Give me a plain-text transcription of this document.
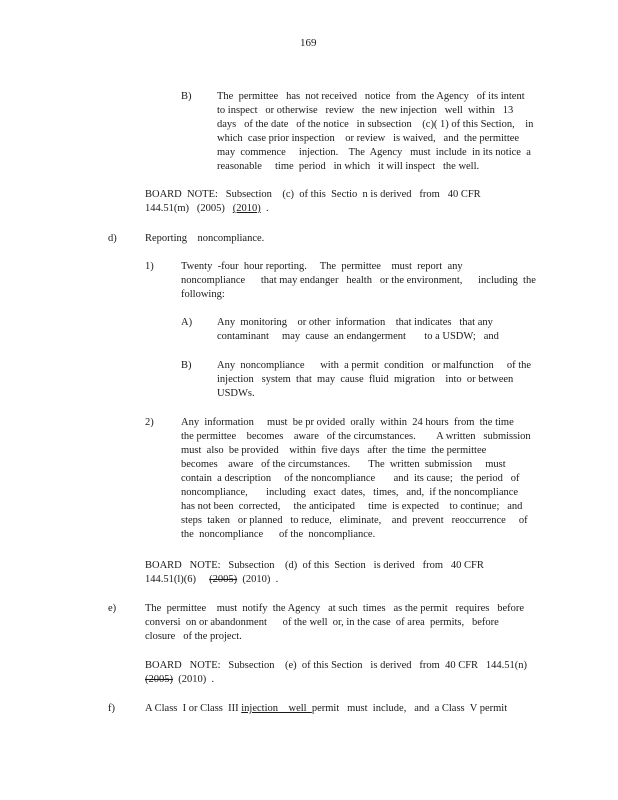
169
B) The  permittee   has  not received   notice  from  the Agency   of its intent
to inspect   or otherwise   review   the  new injection   well  within   13
days   of the date   of the notice   in subsection    (c)( 1) of this Section,    in
which  case prior inspection    or review   is waived,   and  the permittee
may  commence     injection.    The  Agency   must  include  in its notice  a
reasonable     time  period   in which   it will inspect   the well.
BOARD  NOTE:   Subsection    (c)  of this  Sectio  n is derived   from   40 CFR
144.51(m)   (2005)   (2010)  .
d)	Reporting    noncompliance.
1)	Twenty  -four  hour reporting.     The  permittee    must  report  any
noncompliance      that may endanger   health   or the environment,      including  the
following:
A) Any  monitoring    or other  information    that indicates   that any
contaminant     may  cause  an endangerment       to a USDW;   and
B) Any  noncompliance      with  a permit  condition   or malfunction     of the
injection   system  that  may  cause  fluid  migration    into  or between
USDWs.
2)	Any  information     must  be pr ovided  orally  within  24 hours  from  the time
the permittee    becomes    aware   of the circumstances.        A written   submission
must  also  be provided    within  five days   after  the time  the permittee
becomes    aware   of the circumstances.       The  written  submission     must
contain  a description     of the noncompliance       and  its cause;   the period   of
noncompliance,       including   exact  dates,   times,   and,  if the noncompliance
has not been  corrected,     the anticipated     time  is expected    to continue;   and
steps  taken   or planned   to reduce,   eliminate,    and  prevent   reoccurrence     of
the  noncompliance      of the  noncompliance.
BOARD   NOTE:   Subsection    (d)  of this  Section   is derived   from   40 CFR
144.51(l)(6)     (2005)  (2010)  .
e)	The  permittee    must  notify  the Agency   at such  times   as the permit   requires   before
conversi  on or abandonment      of the well  or, in the case  of area  permits,   before
closure   of the project.
BOARD   NOTE:   Subsection    (e)  of this Section   is derived   from  40 CFR   144.51(n)
(2005)  (2010)  .
f)	A Class  I or Class  III injection    well  permit   must  include,   and  a Class  V permit
